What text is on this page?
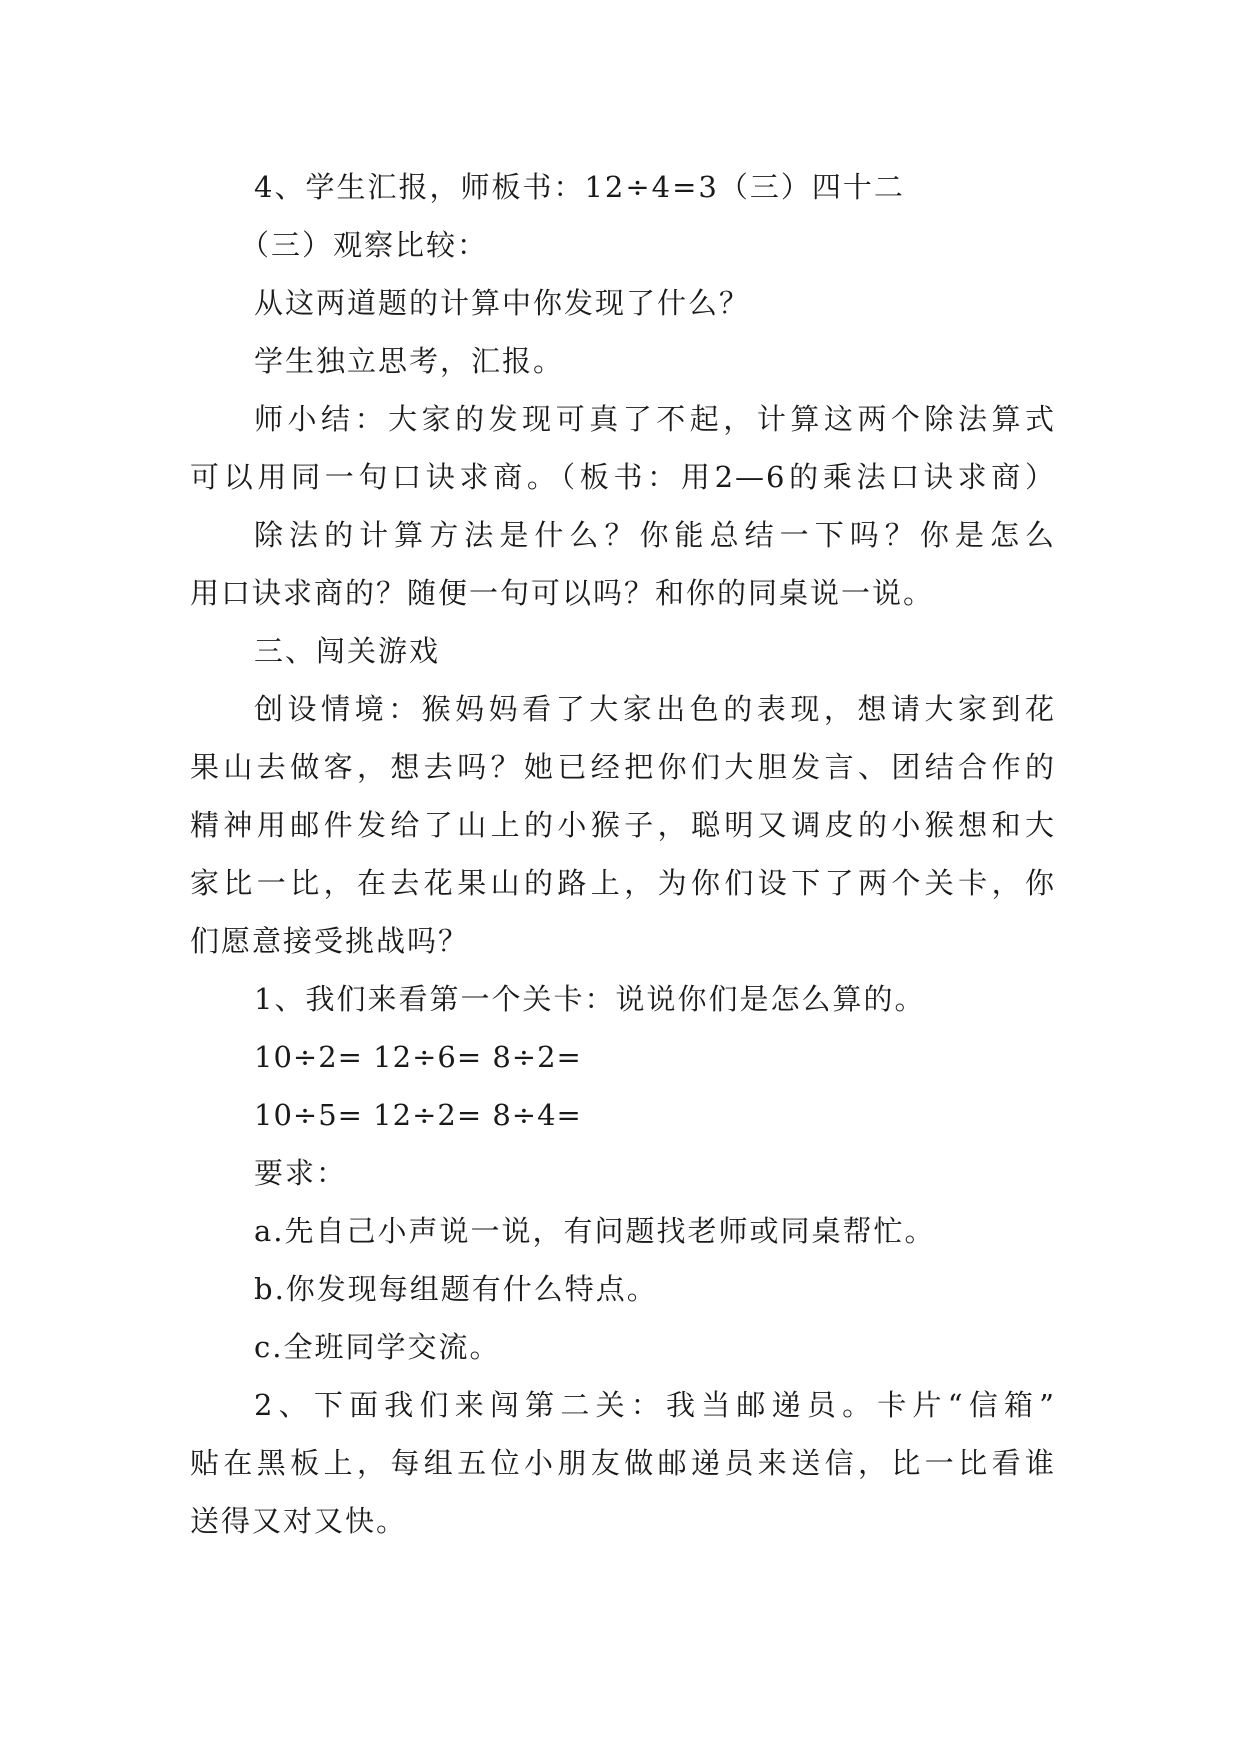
4、学生汇报，师板书：12÷4=3（三）四十二
（三）观察比较：
从这两道题的计算中你发现了什么？
学生独立思考，汇报。
师小结：大家的发现可真了不起，计算这两个除法算式
可以用同一句口诀求商。（板书：用2—6的乘法口诀求商）
除法的计算方法是什么？你能总结一下吗？你是怎么
用口诀求商的？随便一句可以吗？和你的同桌说一说。
三、闯关游戏
创设情境：猴妈妈看了大家出色的表现，想请大家到花
果山去做客，想去吗？她已经把你们大胆发言、团结合作的
精神用邮件发给了山上的小猴子，聪明又调皮的小猴想和大
家比一比，在去花果山的路上，为你们设下了两个关卡，你
们愿意接受挑战吗？
1、我们来看第一个关卡：说说你们是怎么算的。
10÷2= 12÷6= 8÷2=
10÷5= 12÷2= 8÷4=
要求：
a.先自己小声说一说，有问题找老师或同桌帮忙。
b.你发现每组题有什么特点。
c.全班同学交流。
2、下面我们来闯第二关：我当邮递员。卡片“信箱”
贴在黑板上，每组五位小朋友做邮递员来送信，比一比看谁
送得又对又快。
